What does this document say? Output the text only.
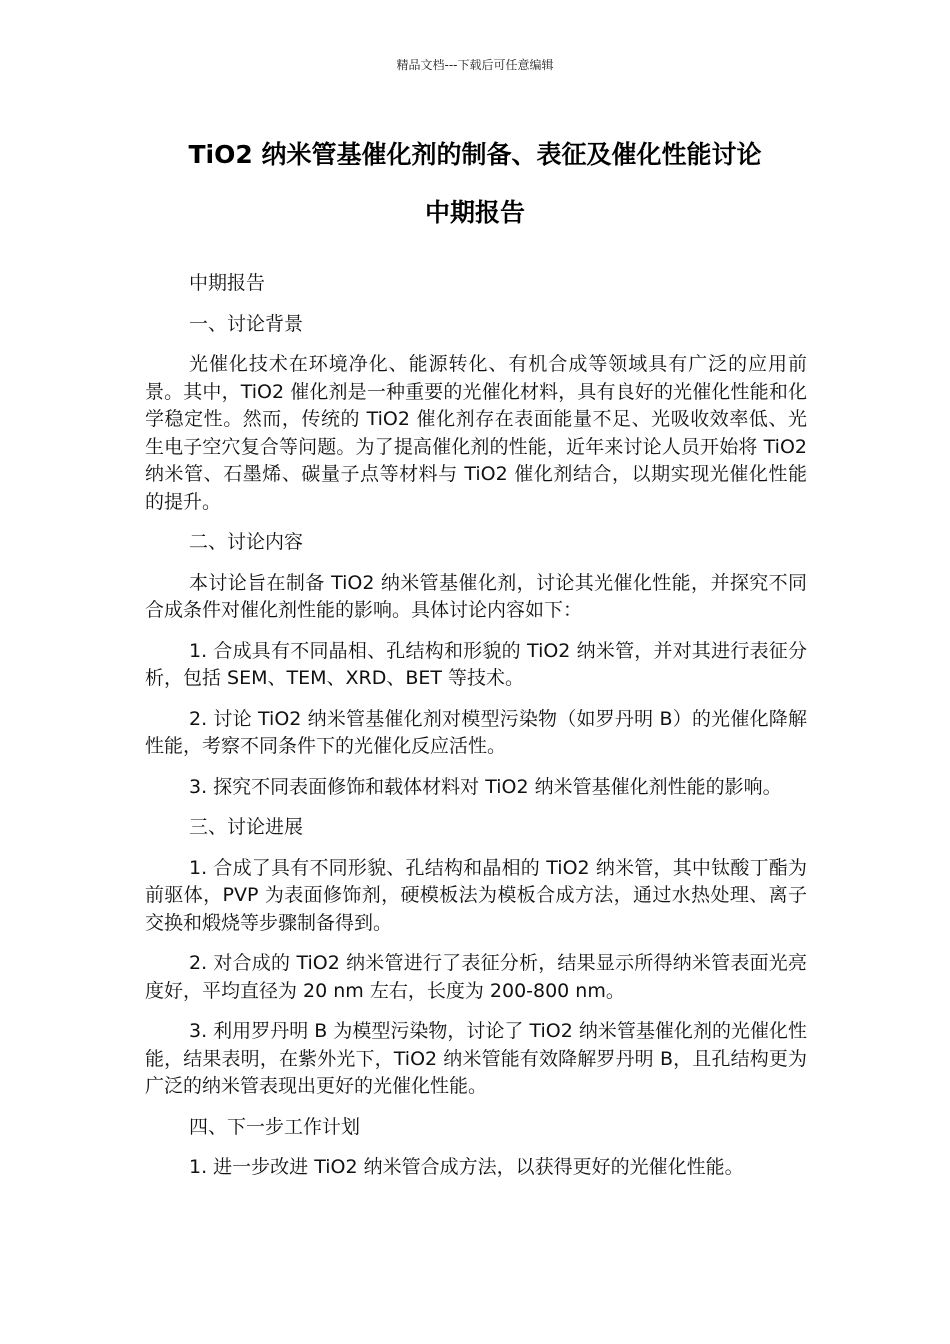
精品文档---下载后可任意编辑
TiO2 纳米管基催化剂的制备、表征及催化性能讨论
中期报告

中期报告

一、讨论背景

光催化技术在环境净化、能源转化、有机合成等领域具有广泛的应用前景。其中，TiO2 催化剂是一种重要的光催化材料，具有良好的光催化性能和化学稳定性。然而，传统的 TiO2 催化剂存在表面能量不足、光吸收效率低、光生电子空穴复合等问题。为了提高催化剂的性能，近年来讨论人员开始将 TiO2 纳米管、石墨烯、碳量子点等材料与 TiO2 催化剂结合，以期实现光催化性能的提升。

二、讨论内容

本讨论旨在制备 TiO2 纳米管基催化剂，讨论其光催化性能，并探究不同合成条件对催化剂性能的影响。具体讨论内容如下：

1. 合成具有不同晶相、孔结构和形貌的 TiO2 纳米管，并对其进行表征分析，包括 SEM、TEM、XRD、BET 等技术。

2. 讨论 TiO2 纳米管基催化剂对模型污染物（如罗丹明 B）的光催化降解性能，考察不同条件下的光催化反应活性。

3. 探究不同表面修饰和载体材料对 TiO2 纳米管基催化剂性能的影响。

三、讨论进展

1. 合成了具有不同形貌、孔结构和晶相的 TiO2 纳米管，其中钛酸丁酯为前驱体，PVP 为表面修饰剂，硬模板法为模板合成方法，通过水热处理、离子交换和煅烧等步骤制备得到。

2. 对合成的 TiO2 纳米管进行了表征分析，结果显示所得纳米管表面光亮度好，平均直径为 20 nm 左右，长度为 200-800 nm。

3. 利用罗丹明 B 为模型污染物，讨论了 TiO2 纳米管基催化剂的光催化性能，结果表明，在紫外光下，TiO2 纳米管能有效降解罗丹明 B，且孔结构更为广泛的纳米管表现出更好的光催化性能。

四、下一步工作计划

1. 进一步改进 TiO2 纳米管合成方法，以获得更好的光催化性能。
